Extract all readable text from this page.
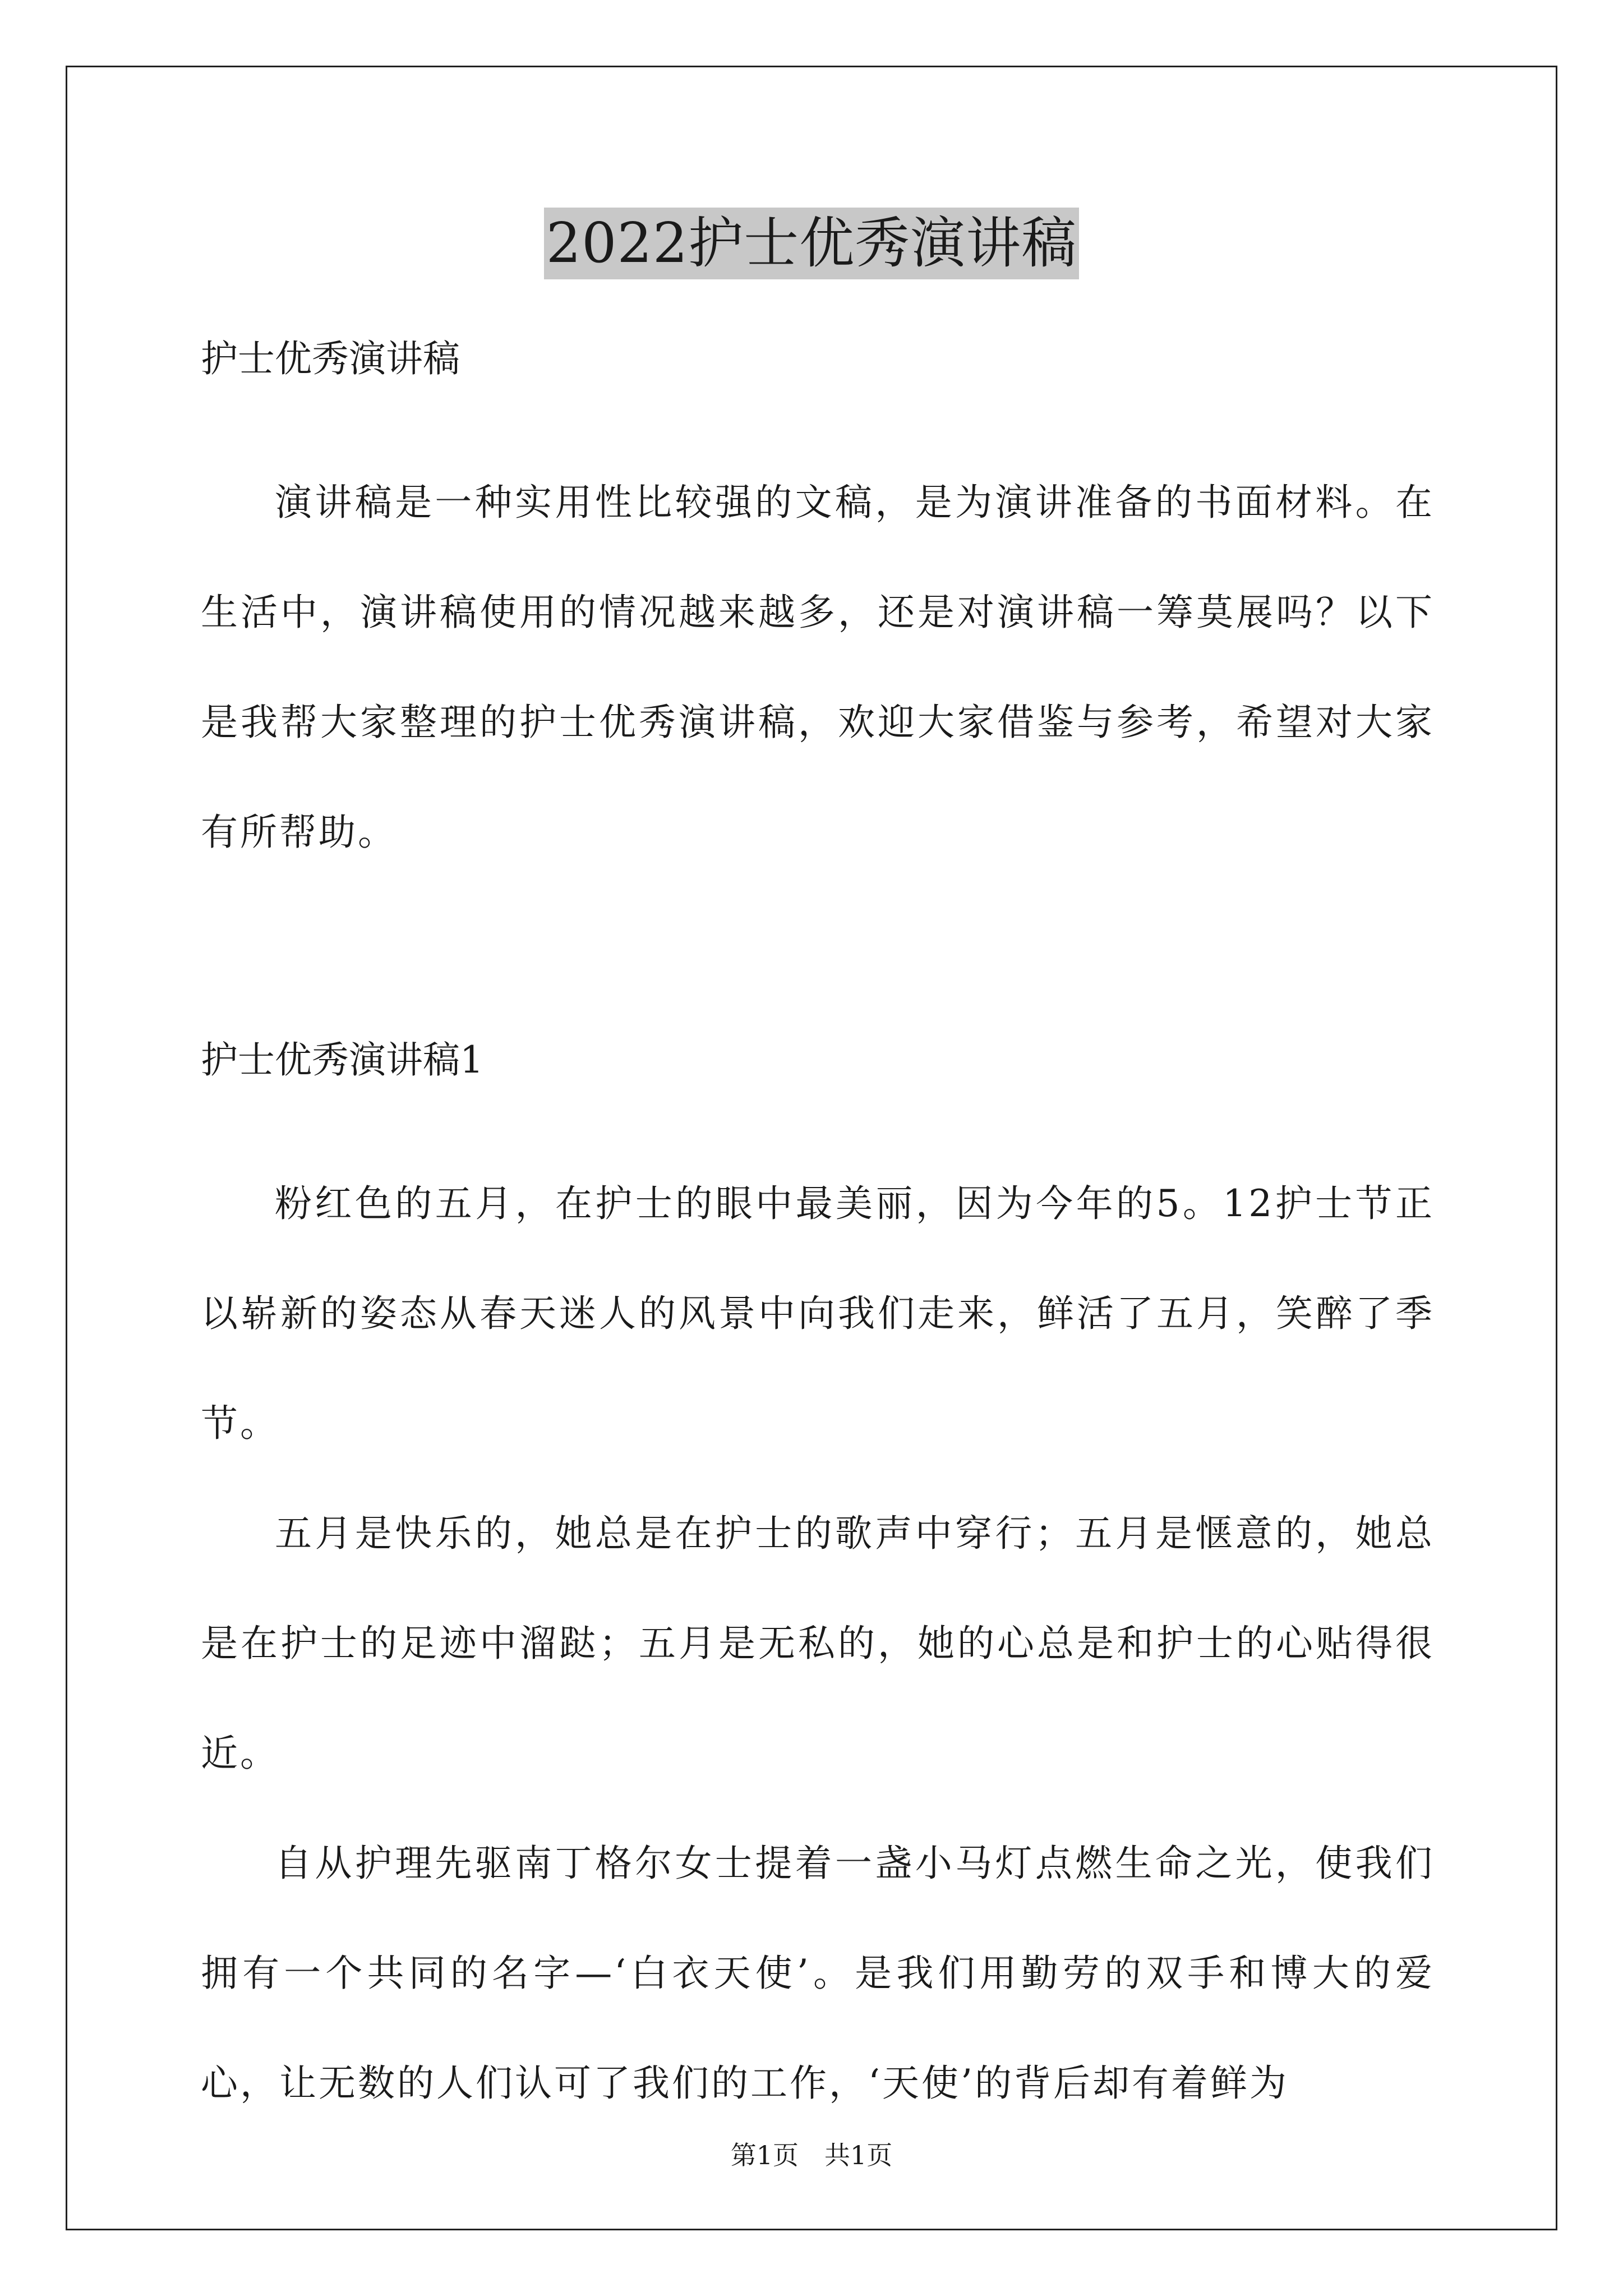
2022护士优秀演讲稿

护士优秀演讲稿

演讲稿是一种实用性比较强的文稿，是为演讲准备的书面材料。在生活中，演讲稿使用的情况越来越多，还是对演讲稿一筹莫展吗？以下是我帮大家整理的护士优秀演讲稿，欢迎大家借鉴与参考，希望对大家有所帮助。

护士优秀演讲稿1

粉红色的五月，在护士的眼中最美丽，因为今年的5。12护士节正以崭新的姿态从春天迷人的风景中向我们走来，鲜活了五月，笑醉了季节。

五月是快乐的，她总是在护士的歌声中穿行；五月是惬意的，她总是在护士的足迹中溜跶；五月是无私的，她的心总是和护士的心贴得很近。

自从护理先驱南丁格尔女士提着一盏小马灯点燃生命之光，使我们拥有一个共同的名字—‘白衣天使’。是我们用勤劳的双手和博大的爱心，让无数的人们认可了我们的工作，‘天使’的背后却有着鲜为

第1页　共1页
